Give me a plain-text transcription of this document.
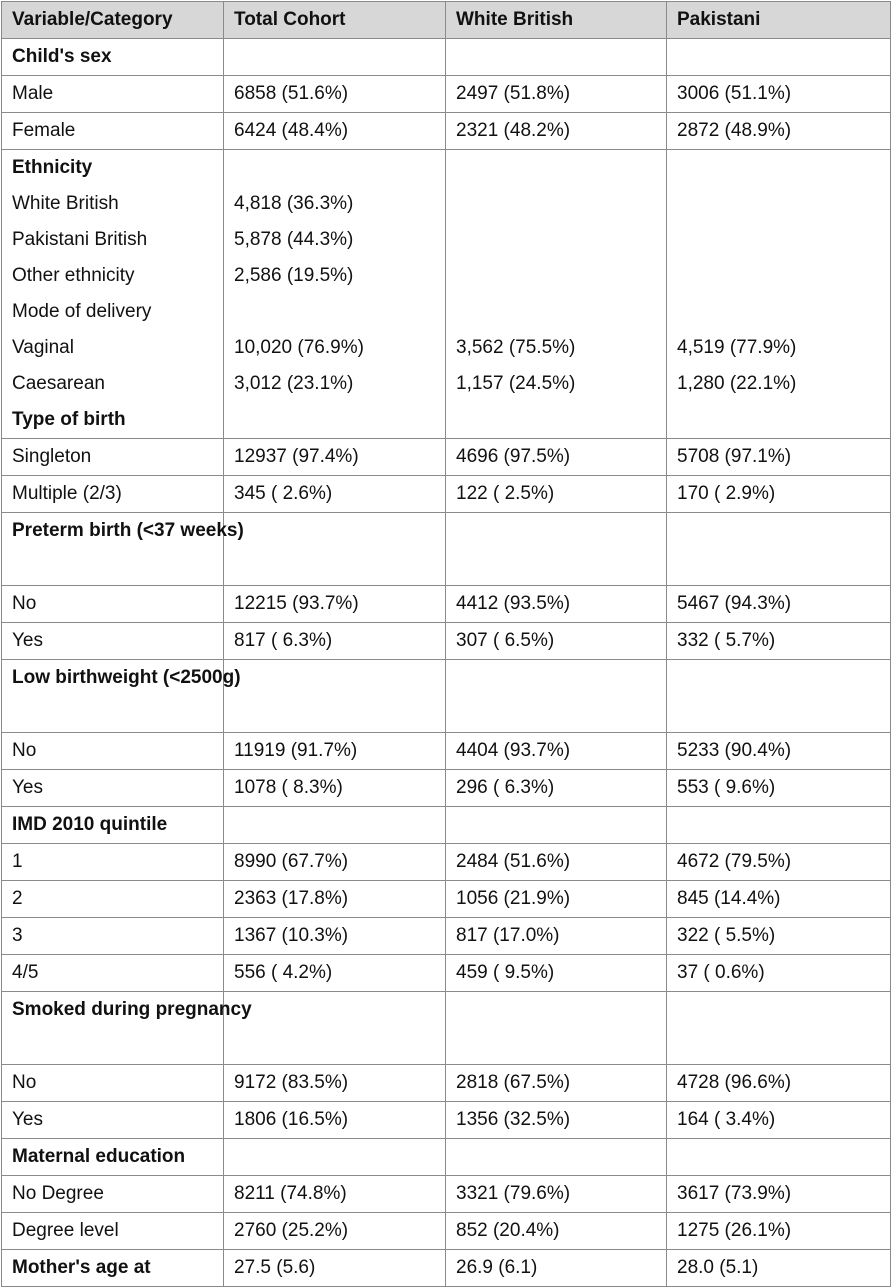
Variable/Category	Total Cohort	White British	Pakistani
Child's sex			
Male	6858 (51.6%)	2497 (51.8%)	3006 (51.1%)
Female	6424 (48.4%)	2321 (48.2%)	2872 (48.9%)
Ethnicity			
White British	4,818 (36.3%)		
Pakistani British	5,878 (44.3%)		
Other ethnicity	2,586 (19.5%)		
Mode of delivery			
Vaginal	10,020 (76.9%)	3,562 (75.5%)	4,519 (77.9%)
Caesarean	3,012 (23.1%)	1,157 (24.5%)	1,280 (22.1%)
Type of birth			
Singleton	12937 (97.4%)	4696 (97.5%)	5708 (97.1%)
Multiple (2/3)	345 ( 2.6%)	122 ( 2.5%)	170 ( 2.9%)
Preterm birth (<37 weeks)			
No	12215 (93.7%)	4412 (93.5%)	5467 (94.3%)
Yes	817 ( 6.3%)	307 ( 6.5%)	332 ( 5.7%)
Low birthweight (<2500g)			
No	11919 (91.7%)	4404 (93.7%)	5233 (90.4%)
Yes	1078 ( 8.3%)	296 ( 6.3%)	553 ( 9.6%)
IMD 2010 quintile			
1	8990 (67.7%)	2484 (51.6%)	4672 (79.5%)
2	2363 (17.8%)	1056 (21.9%)	845 (14.4%)
3	1367 (10.3%)	817 (17.0%)	322 ( 5.5%)
4/5	556 ( 4.2%)	459 ( 9.5%)	37 ( 0.6%)
Smoked during pregnancy			
No	9172 (83.5%)	2818 (67.5%)	4728 (96.6%)
Yes	1806 (16.5%)	1356 (32.5%)	164 ( 3.4%)
Maternal education			
No Degree	8211 (74.8%)	3321 (79.6%)	3617 (73.9%)
Degree level	2760 (25.2%)	852 (20.4%)	1275 (26.1%)
Mother's age at	27.5 (5.6)	26.9 (6.1)	28.0 (5.1)
